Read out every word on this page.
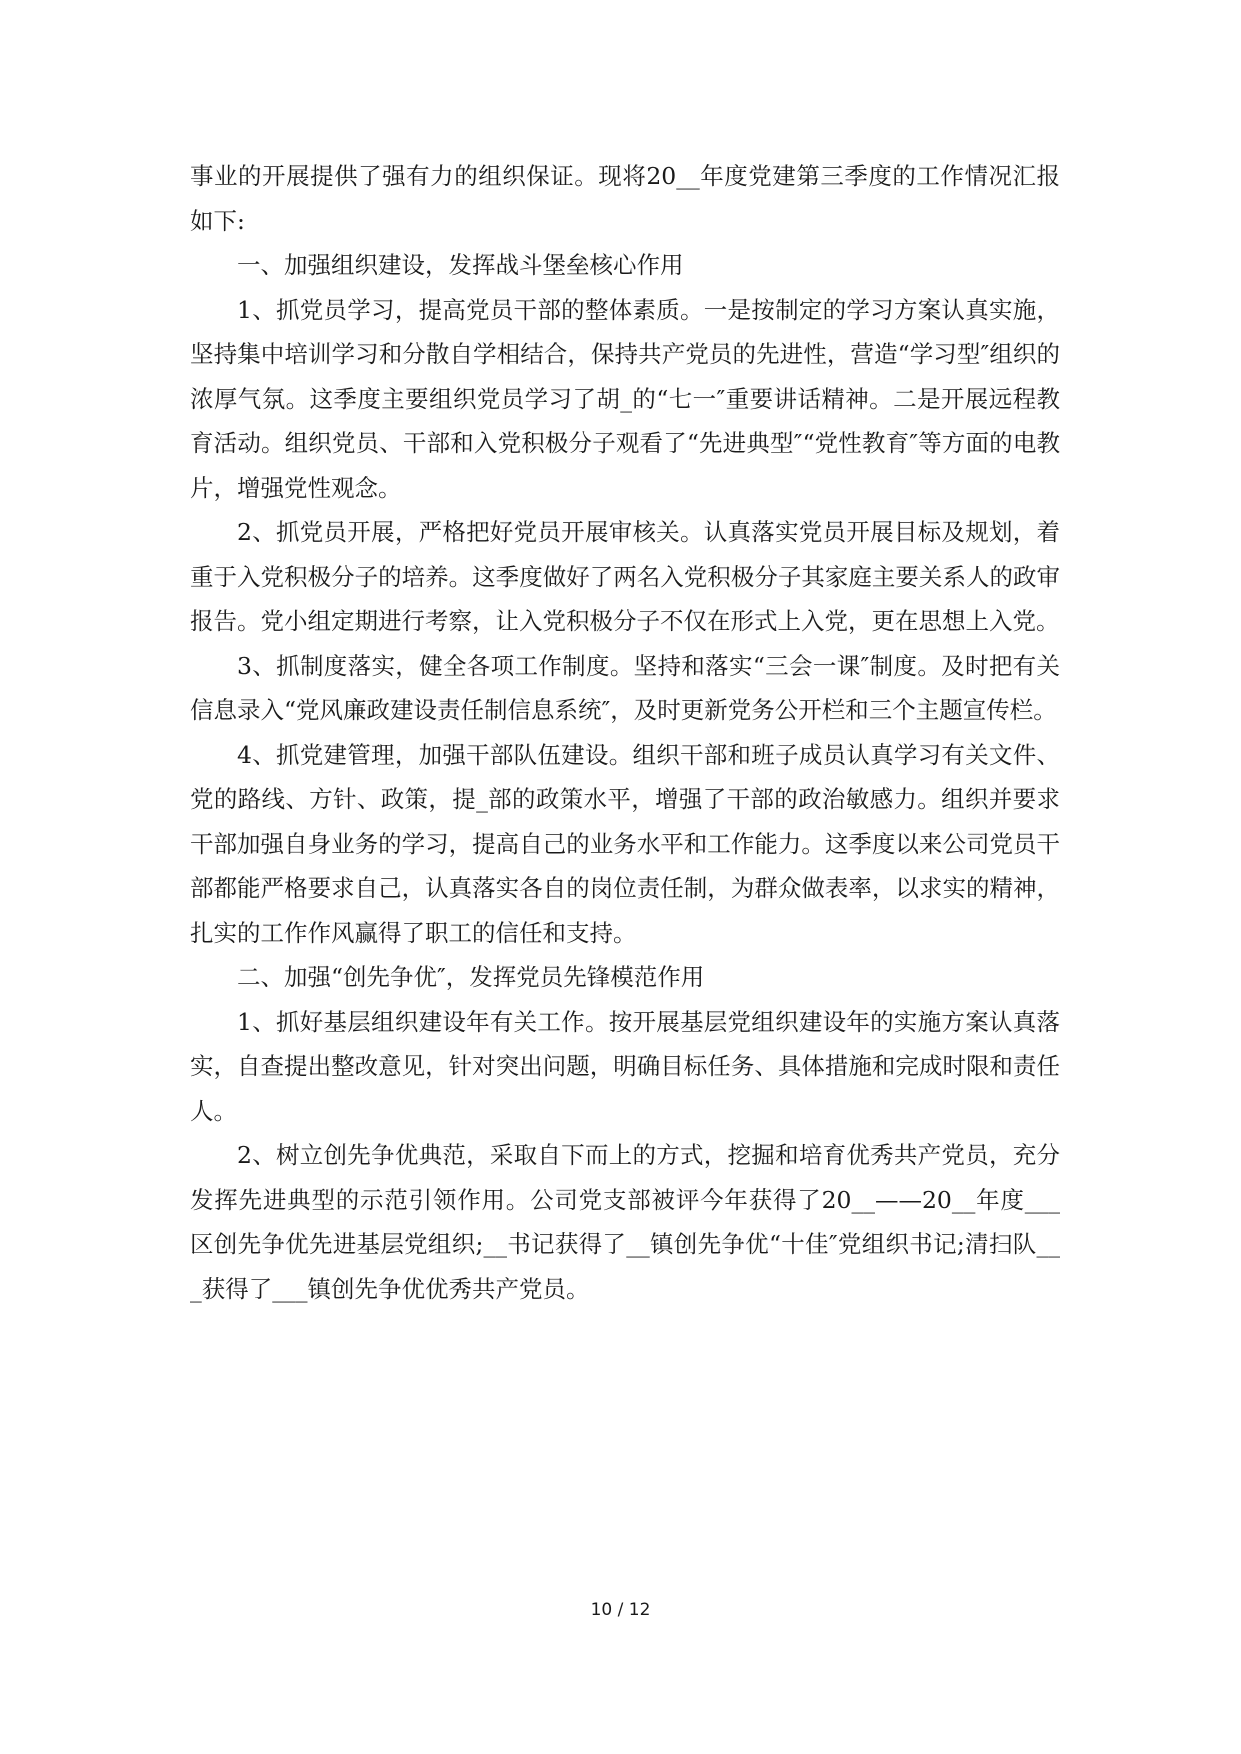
事业的开展提供了强有力的组织保证。现将20__年度党建第三季度的工作情况汇报如下:

一、加强组织建设，发挥战斗堡垒核心作用

1、抓党员学习，提高党员干部的整体素质。一是按制定的学习方案认真实施，坚持集中培训学习和分散自学相结合，保持共产党员的先进性，营造“学习型″组织的浓厚气氛。这季度主要组织党员学习了胡_的“七一″重要讲话精神。二是开展远程教育活动。组织党员、干部和入党积极分子观看了“先进典型″“党性教育″等方面的电教片，增强党性观念。

2、抓党员开展，严格把好党员开展审核关。认真落实党员开展目标及规划，着重于入党积极分子的培养。这季度做好了两名入党积极分子其家庭主要关系人的政审报告。党小组定期进行考察，让入党积极分子不仅在形式上入党，更在思想上入党。

3、抓制度落实，健全各项工作制度。坚持和落实“三会一课″制度。及时把有关信息录入“党风廉政建设责任制信息系统″，及时更新党务公开栏和三个主题宣传栏。

4、抓党建管理，加强干部队伍建设。组织干部和班子成员认真学习有关文件、党的路线、方针、政策，提_部的政策水平，增强了干部的政治敏感力。组织并要求干部加强自身业务的学习，提高自己的业务水平和工作能力。这季度以来公司党员干部都能严格要求自己，认真落实各自的岗位责任制，为群众做表率，以求实的精神，扎实的工作作风赢得了职工的信任和支持。

二、加强“创先争优″，发挥党员先锋模范作用

1、抓好基层组织建设年有关工作。按开展基层党组织建设年的实施方案认真落实，自查提出整改意见，针对突出问题，明确目标任务、具体措施和完成时限和责任人。

2、树立创先争优典范，采取自下而上的方式，挖掘和培育优秀共产党员，充分发挥先进典型的示范引领作用。公司党支部被评今年获得了20__——20__年度___区创先争优先进基层党组织;__书记获得了__镇创先争优“十佳″党组织书记;清扫队___获得了___镇创先争优优秀共产党员。

10 / 12
